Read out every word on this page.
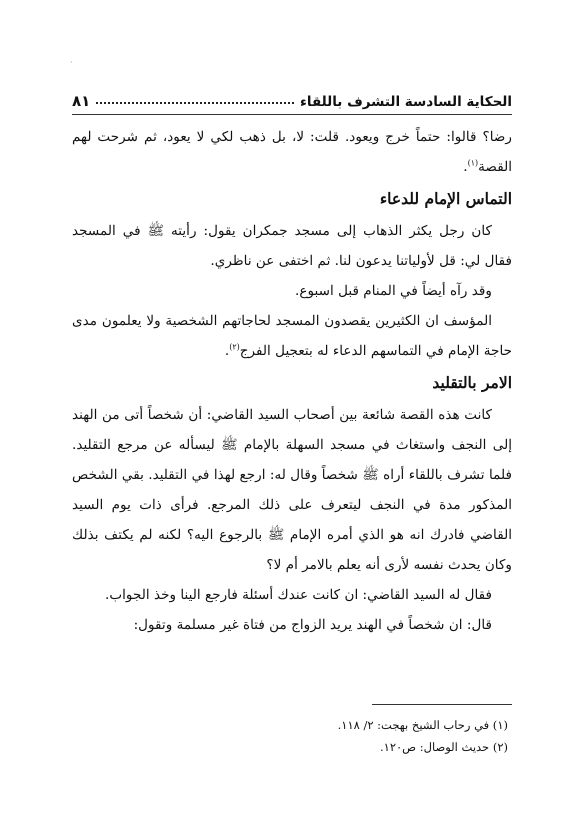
·
الحكاية السادسة التشرف باللقاء
٨١

رضا؟ قالوا: حتماً خرج ويعود. قلت: لا، بل ذهب لكي لا يعود، ثم شرحت لهم القصة$^{(١)}$.

التماس الإمام للدعاء

كان رجل يكثر الذهاب إلى مسجد جمكران يقول: رأيته ﷺ في المسجد فقال لي: قل لأولياتنا يدعون لنا. ثم اختفى عن ناظري.

وقد رآه أيضاً في المنام قبل اسبوع.

المؤسف ان الكثيرين يقصدون المسجد لحاجاتهم الشخصية ولا يعلمون مدى حاجة الإمام في التماسهم الدعاء له بتعجيل الفرج$^{(٢)}$.

الامر بالتقليد

كانت هذه القصة شائعة بين أصحاب السيد القاضي: أن شخصاً أتى من الهند إلى النجف واستغاث في مسجد السهلة بالإمام ﷺ ليسأله عن مرجع التقليد. فلما تشرف باللقاء أراه ﷺ شخصاً وقال له: ارجع لهذا في التقليد. بقي الشخص المذكور مدة في النجف ليتعرف على ذلك المرجع. فرأى ذات يوم السيد القاضي فادرك انه هو الذي أمره الإمام ﷺ بالرجوع اليه؟ لكنه لم يكتف بذلك وكان يحدث نفسه لأرى أنه يعلم بالامر أم لا؟

فقال له السيد القاضي: ان كانت عندك أسئلة فارجع الينا وخذ الجواب.

قال: ان شخصاً في الهند يريد الزواج من فتاة غير مسلمة وتقول:

(١) في رحاب الشيخ بهجت: ٢/ ١١٨.
(٢) حديث الوصال: ص١٢٠.
